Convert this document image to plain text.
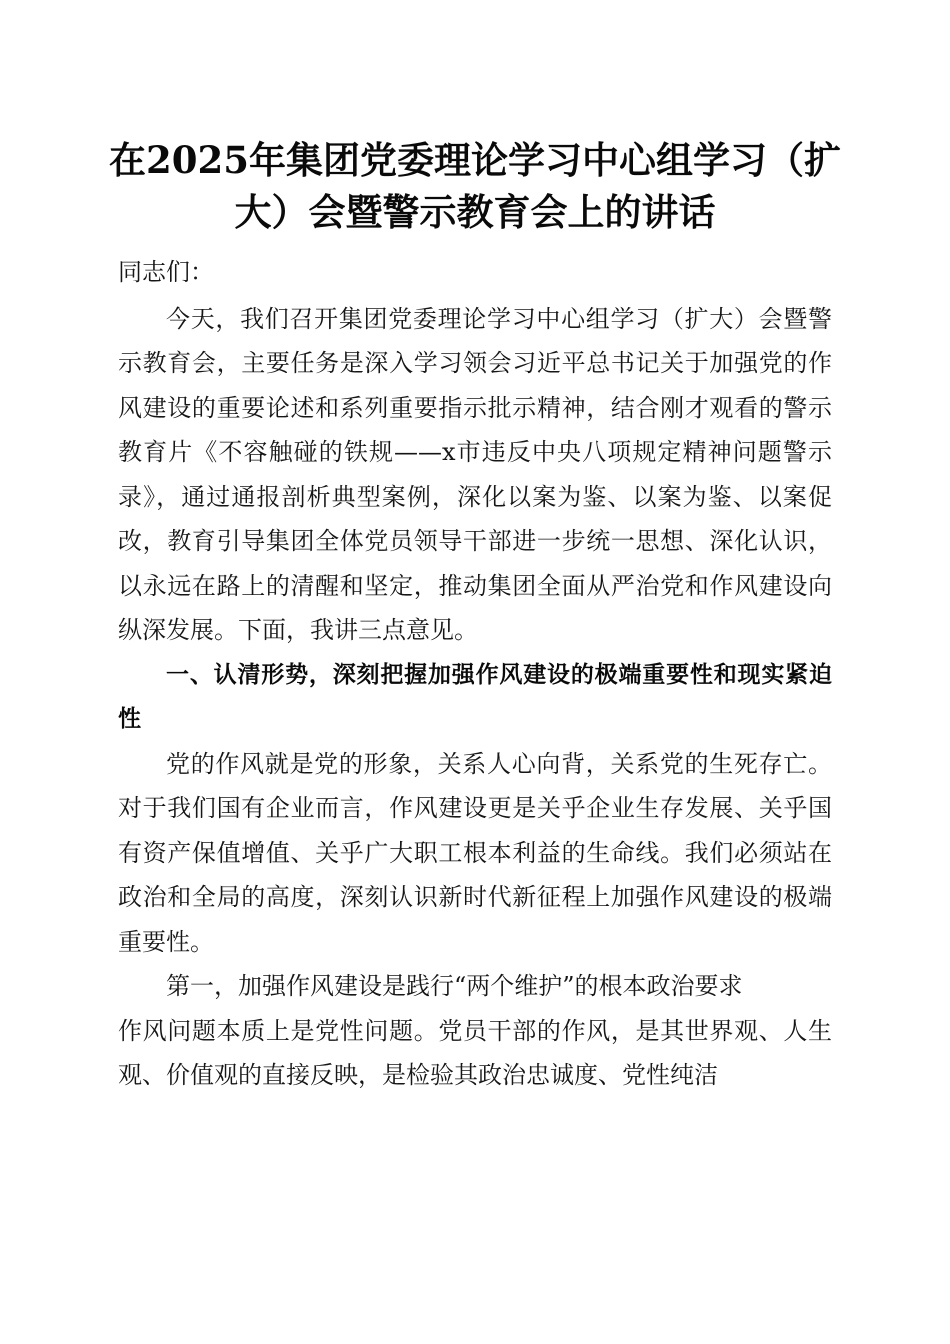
在2025年集团党委理论学习中心组学习（扩
大）会暨警示教育会上的讲话

同志们：

今天，我们召开集团党委理论学习中心组学习（扩大）会暨警示教育会，主要任务是深入学习领会习近平总书记关于加强党的作风建设的重要论述和系列重要指示批示精神，结合刚才观看的警示教育片《不容触碰的铁规——x市违反中央八项规定精神问题警示录》，通过通报剖析典型案例，深化以案为鉴、以案为鉴、以案促改，教育引导集团全体党员领导干部进一步统一思想、深化认识，以永远在路上的清醒和坚定，推动集团全面从严治党和作风建设向纵深发展。下面，我讲三点意见。

一、认清形势，深刻把握加强作风建设的极端重要性和现实紧迫性

党的作风就是党的形象，关系人心向背，关系党的生死存亡。对于我们国有企业而言，作风建设更是关乎企业生存发展、关乎国有资产保值增值、关乎广大职工根本利益的生命线。我们必须站在政治和全局的高度，深刻认识新时代新征程上加强作风建设的极端重要性。

第一，加强作风建设是践行“两个维护”的根本政治要求

作风问题本质上是党性问题。党员干部的作风，是其世界观、人生观、价值观的直接反映，是检验其政治忠诚度、党性纯洁
